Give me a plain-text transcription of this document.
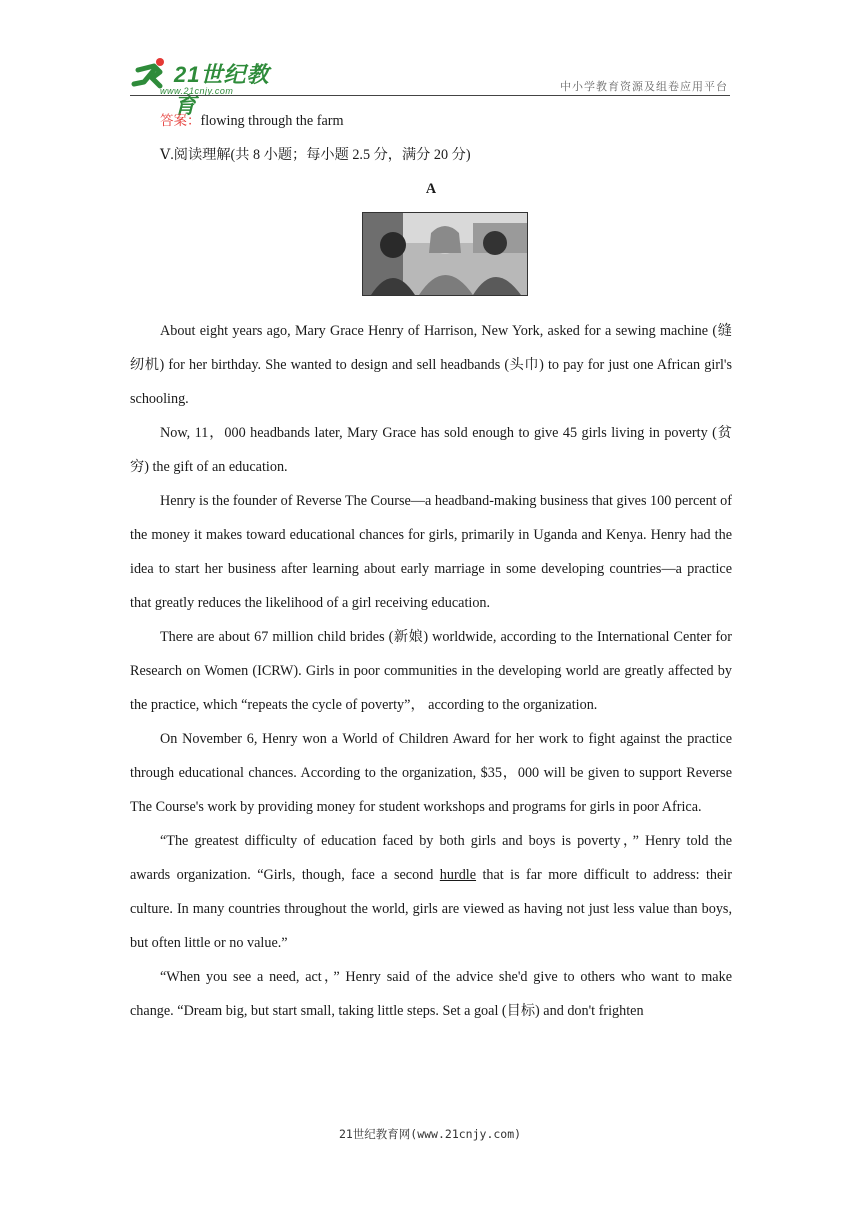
21世纪教育
www.21cnjy.com	中小学教育资源及组卷应用平台
答案：flowing through the farm
Ⅴ.阅读理解(共 8 小题；每小题 2.5 分，满分 20 分)
A

About eight years ago, Mary Grace Henry of Harrison, New York, asked for a sewing machine (缝纫机) for her birthday. She wanted to design and sell headbands (头巾) to pay for just one African girl's schooling.

Now, 11，000 headbands later, Mary Grace has sold enough to give 45 girls living in poverty (贫穷) the gift of an education.

Henry is the founder of Reverse The Course—a headband-making business that gives 100 percent of the money it makes toward educational chances for girls, primarily in Uganda and Kenya. Henry had the idea to start her business after learning about early marriage in some developing countries—a practice that greatly reduces the likelihood of a girl receiving education.

There are about 67 million child brides (新娘) worldwide, according to the International Center for Research on Women (ICRW). Girls in poor communities in the developing world are greatly affected by the practice, which “repeats the cycle of poverty”， according to the organization.

On November 6, Henry won a World of Children Award for her work to fight against the practice through educational chances. According to the organization, $35，000 will be given to support Reverse The Course's work by providing money for student workshops and programs for girls in poor Africa.

“The greatest difficulty of education faced by both girls and boys is poverty，” Henry told the awards organization. “Girls, though, face a second hurdle that is far more difficult to address: their culture. In many countries throughout the world, girls are viewed as having not just less value than boys, but often little or no value.”

“When you see a need, act，” Henry said of the advice she'd give to others who want to make change. “Dream big, but start small, taking little steps. Set a goal (目标) and don't frighten

21世纪教育网(www.21cnjy.com)
